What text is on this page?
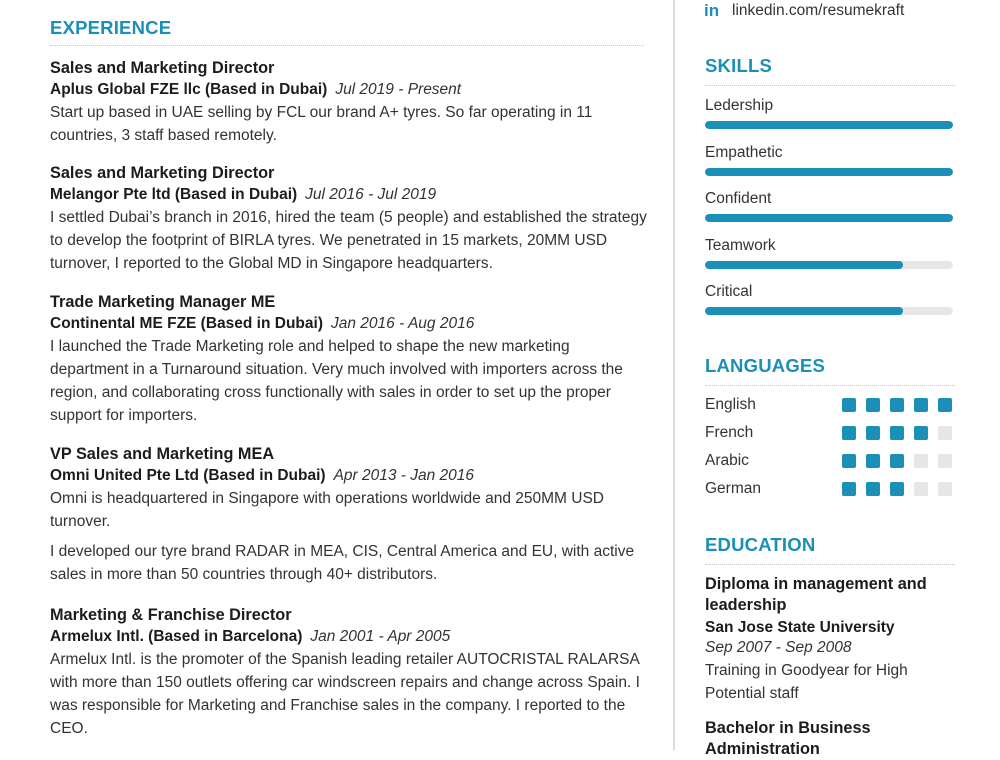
EXPERIENCE
Sales and Marketing Director
Aplus Global FZE llc (Based in Dubai) Jul 2019 - Present

Start up based in UAE selling by FCL our brand A+ tyres. So far operating in 11 countries, 3 staff based remotely.

Sales and Marketing Director
Melangor Pte ltd (Based in Dubai) Jul 2016 - Jul 2019

I settled Dubai’s branch in 2016, hired the team (5 people) and established the strategy to develop the footprint of BIRLA tyres. We penetrated in 15 markets, 20MM USD turnover, I reported to the Global MD in Singapore headquarters.

Trade Marketing Manager ME
Continental ME FZE (Based in Dubai) Jan 2016 - Aug 2016

I launched the Trade Marketing role and helped to shape the new marketing department in a Turnaround situation. Very much involved with importers across the region, and collaborating cross functionally with sales in order to set up the proper support for importers.

VP Sales and Marketing MEA
Omni United Pte Ltd (Based in Dubai) Apr 2013 - Jan 2016

Omni is headquartered in Singapore with operations worldwide and 250MM USD turnover.

I developed our tyre brand RADAR in MEA, CIS, Central America and EU, with active sales in more than 50 countries through 40+ distributors.

Marketing & Franchise Director
Armelux Intl. (Based in Barcelona) Jan 2001 - Apr 2005

Armelux Intl. is the promoter of the Spanish leading retailer AUTOCRISTAL RALARSA with more than 150 outlets offering car windscreen repairs and change across Spain. I was responsible for Marketing and Franchise sales in the company. I reported to the CEO.

in linkedin.com/resumekraft
SKILLS
Ledership
Empathetic
Confident
Teamwork
Critical
LANGUAGES
English
French
Arabic
German
EDUCATION

Diploma in management and leadership

San Jose State University
Sep 2007 - Sep 2008
Training in Goodyear for High Potential staff

Bachelor in Business Administration
